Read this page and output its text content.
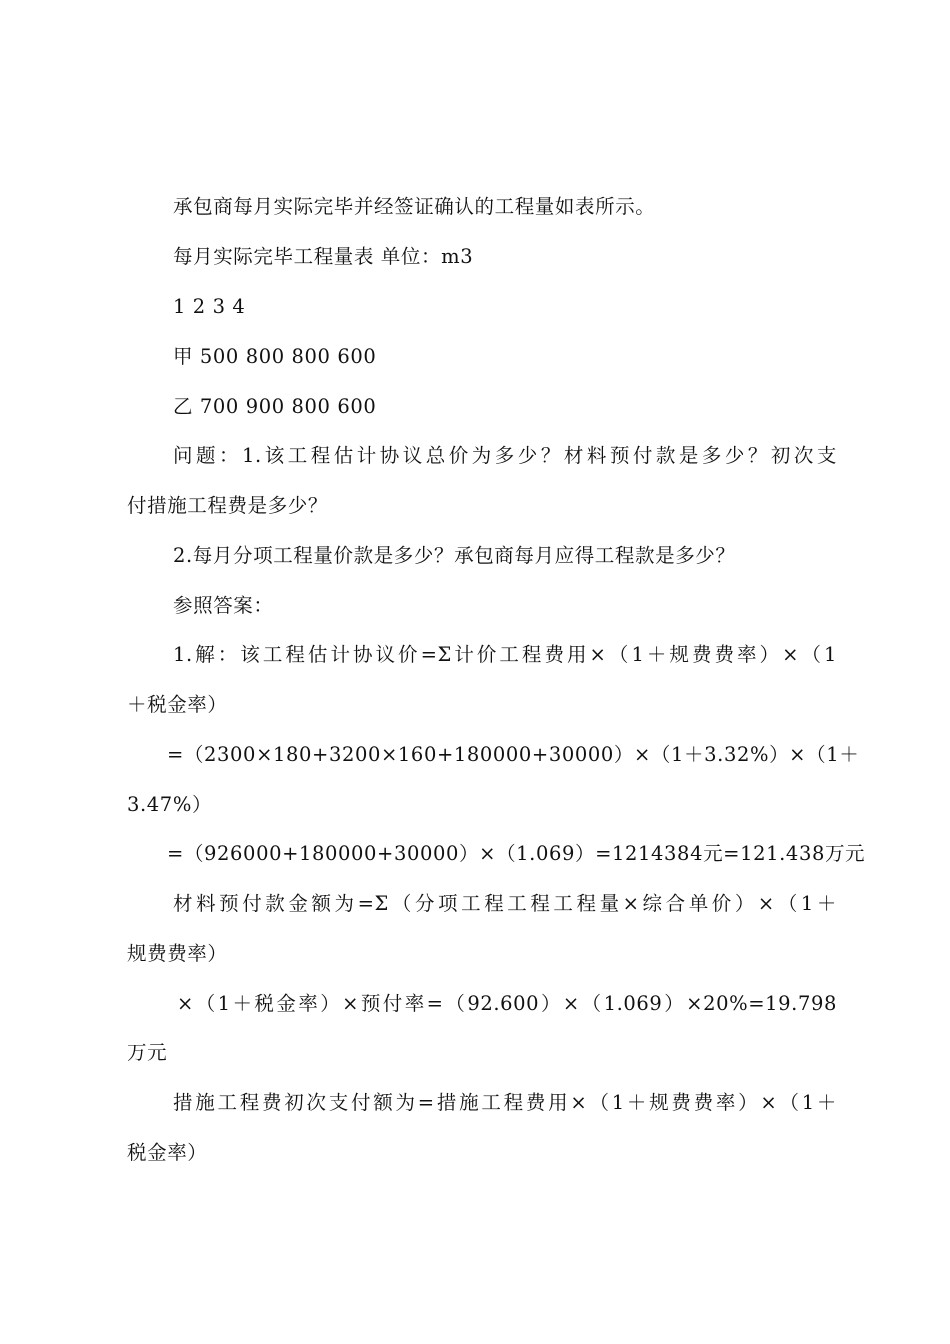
承包商每月实际完毕并经签证确认的工程量如表所示。
每月实际完毕工程量表 单位：m3
1 2 3 4
甲 500 800 800 600
乙 700 900 800 600
问题：1.该工程估计协议总价为多少？材料预付款是多少？初次支
付措施工程费是多少？
2.每月分项工程量价款是多少？承包商每月应得工程款是多少？
参照答案：
1.解：该工程估计协议价=Σ计价工程费用×（1＋规费费率）×（1
＋税金率）
=（2300×180+3200×160+180000+30000）×（1＋3.32%）×（1＋
3.47%）
=（926000+180000+30000）×（1.069）=1214384元=121.438万元
材料预付款金额为=Σ（分项工程工程工程量×综合单价）×（1＋
规费费率）
×（1＋税金率）×预付率=（92.600）×（1.069）×20%=19.798
万元
措施工程费初次支付额为=措施工程费用×（1＋规费费率）×（1＋
税金率）
